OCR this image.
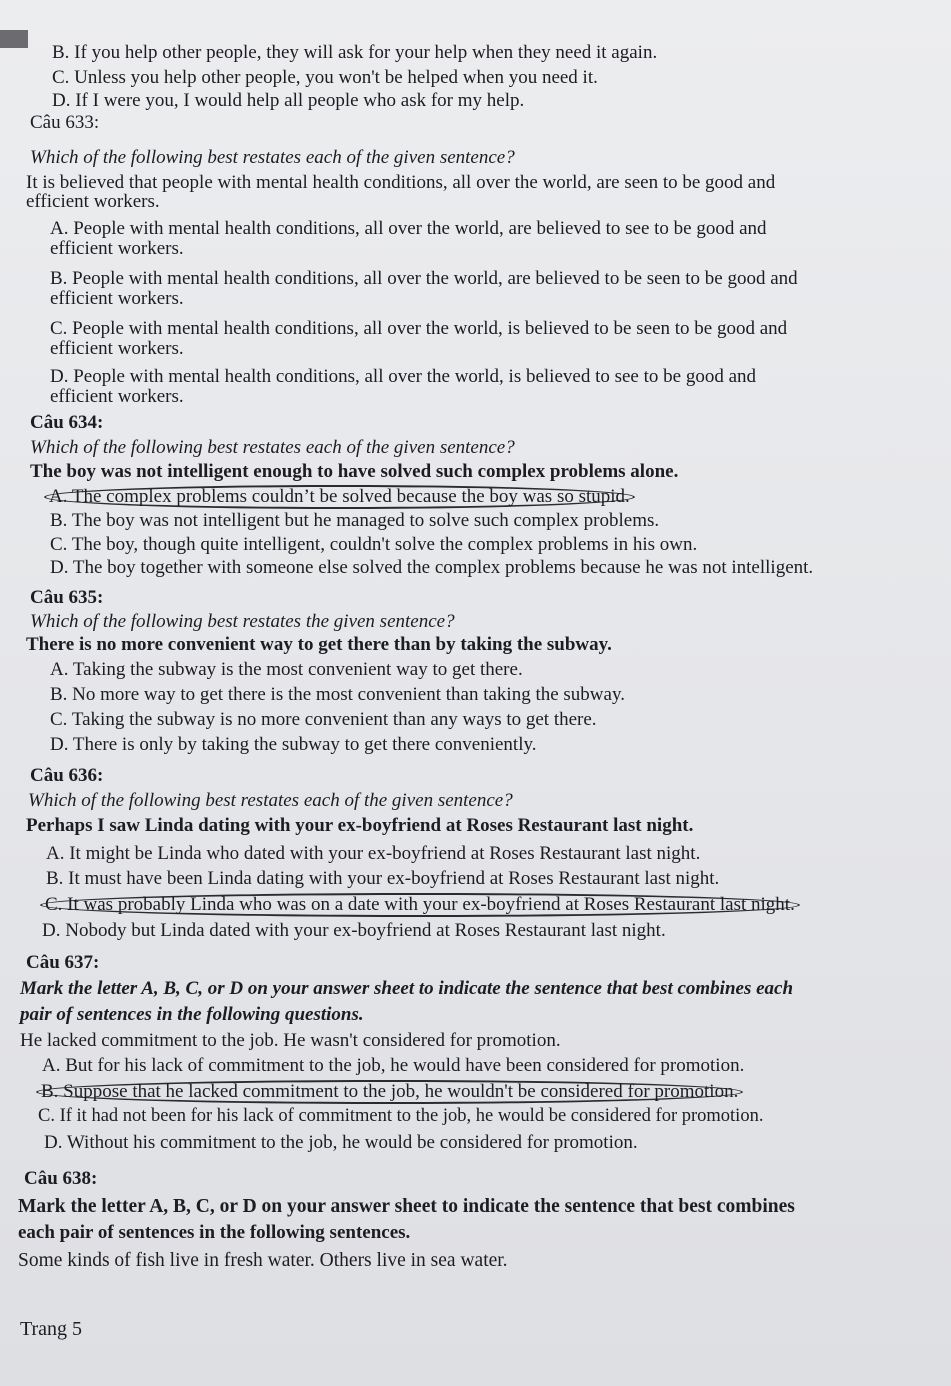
B. If you help other people, they will ask for your help when they need it again.
C. Unless you help other people, you won't be helped when you need it.
D. If I were you, I would help all people who ask for my help.
Câu 633:
Which of the following best restates each of the given sentence?
It is believed that people with mental health conditions, all over the world, are seen to be good and
efficient workers.
A. People with mental health conditions, all over the world, are believed to see to be good and
efficient workers.
B. People with mental health conditions, all over the world, are believed to be seen to be good and
efficient workers.
C. People with mental health conditions, all over the world, is believed to be seen to be good and
efficient workers.
D. People with mental health conditions, all over the world, is believed to see to be good and
efficient workers.
Câu 634:
Which of the following best restates each of the given sentence?
The boy was not intelligent enough to have solved such complex problems alone.
A. The complex problems couldn’t be solved because the boy was so stupid.
B. The boy was not intelligent but he managed to solve such complex problems.
C. The boy, though quite intelligent, couldn't solve the complex problems in his own.
D. The boy together with someone else solved the complex problems because he was not intelligent.
Câu 635:
Which of the following best restates the given sentence?
There is no more convenient way to get there than by taking the subway.
A. Taking the subway is the most convenient way to get there.
B. No more way to get there is the most convenient than taking the subway.
C. Taking the subway is no more convenient than any ways to get there.
D. There is only by taking the subway to get there conveniently.
Câu 636:
Which of the following best restates each of the given sentence?
Perhaps I saw Linda dating with your ex-boyfriend at Roses Restaurant last night.
A. It might be Linda who dated with your ex-boyfriend at Roses Restaurant last night.
B. It must have been Linda dating with your ex-boyfriend at Roses Restaurant last night.
C. It was probably Linda who was on a date with your ex-boyfriend at Roses Restaurant last night.
D. Nobody but Linda dated with your ex-boyfriend at Roses Restaurant last night.
Câu 637:
Mark the letter A, B, C, or D on your answer sheet to indicate the sentence that best combines each
pair of sentences in the following questions.
He lacked commitment to the job. He wasn't considered for promotion.
A. But for his lack of commitment to the job, he would have been considered for promotion.
B. Suppose that he lacked commitment to the job, he wouldn't be considered for promotion.
C. If it had not been for his lack of commitment to the job, he would be considered for promotion.
D. Without his commitment to the job, he would be considered for promotion.
Câu 638:
Mark the letter A, B, C, or D on your answer sheet to indicate the sentence that best combines
each pair of sentences in the following sentences.
Some kinds of fish live in fresh water. Others live in sea water.
Trang 5
